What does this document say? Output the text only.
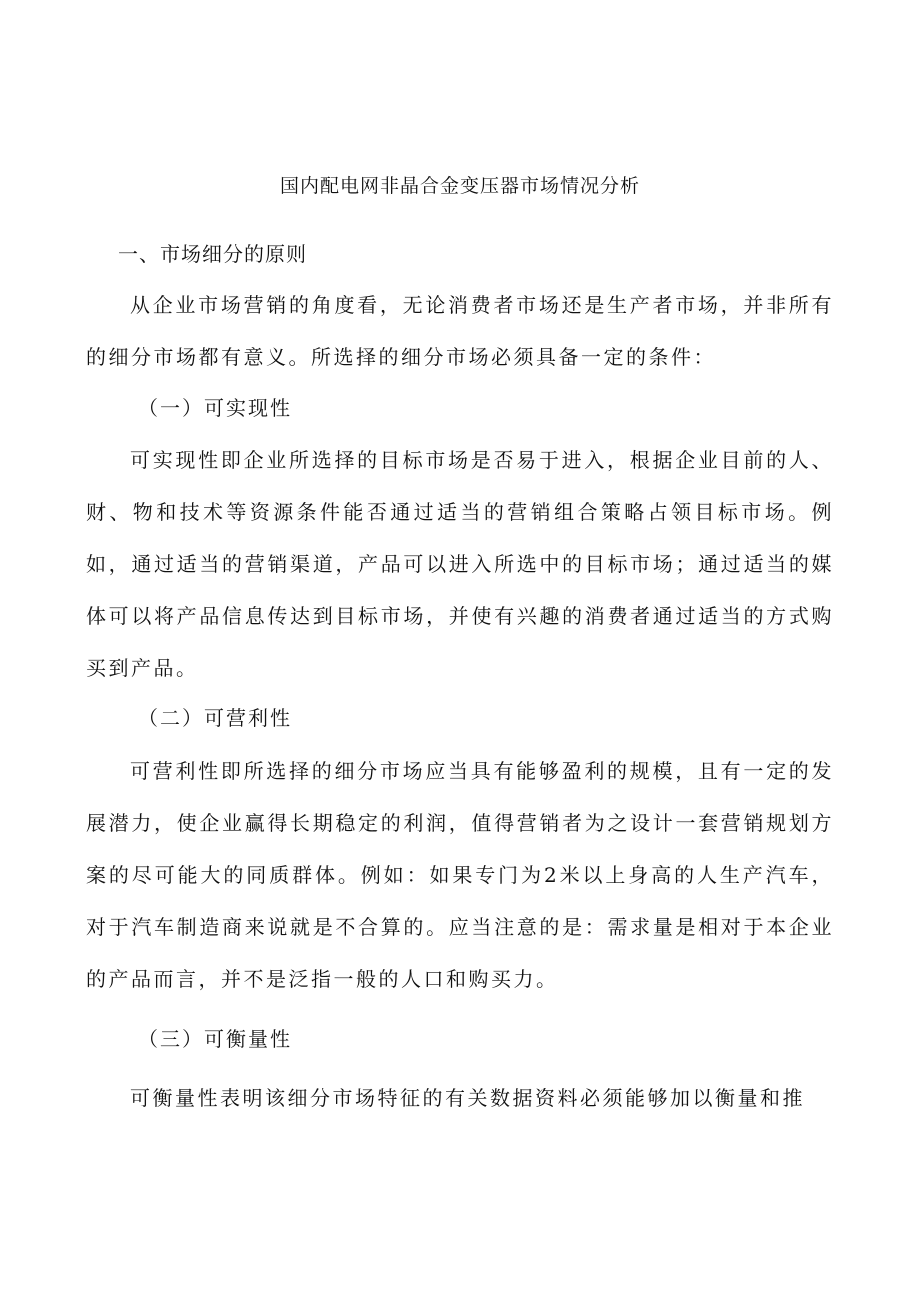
国内配电网非晶合金变压器市场情况分析
一、市场细分的原则

从企业市场营销的角度看，无论消费者市场还是生产者市场，并非所有的细分市场都有意义。所选择的细分市场必须具备一定的条件：

（一）可实现性

可实现性即企业所选择的目标市场是否易于进入，根据企业目前的人、财、物和技术等资源条件能否通过适当的营销组合策略占领目标市场。例如，通过适当的营销渠道，产品可以进入所选中的目标市场；通过适当的媒体可以将产品信息传达到目标市场，并使有兴趣的消费者通过适当的方式购买到产品。

（二）可营利性

可营利性即所选择的细分市场应当具有能够盈利的规模，且有一定的发展潜力，使企业赢得长期稳定的利润，值得营销者为之设计一套营销规划方案的尽可能大的同质群体。例如：如果专门为2米以上身高的人生产汽车，对于汽车制造商来说就是不合算的。应当注意的是：需求量是相对于本企业的产品而言，并不是泛指一般的人口和购买力。

（三）可衡量性

可衡量性表明该细分市场特征的有关数据资料必须能够加以衡量和推
